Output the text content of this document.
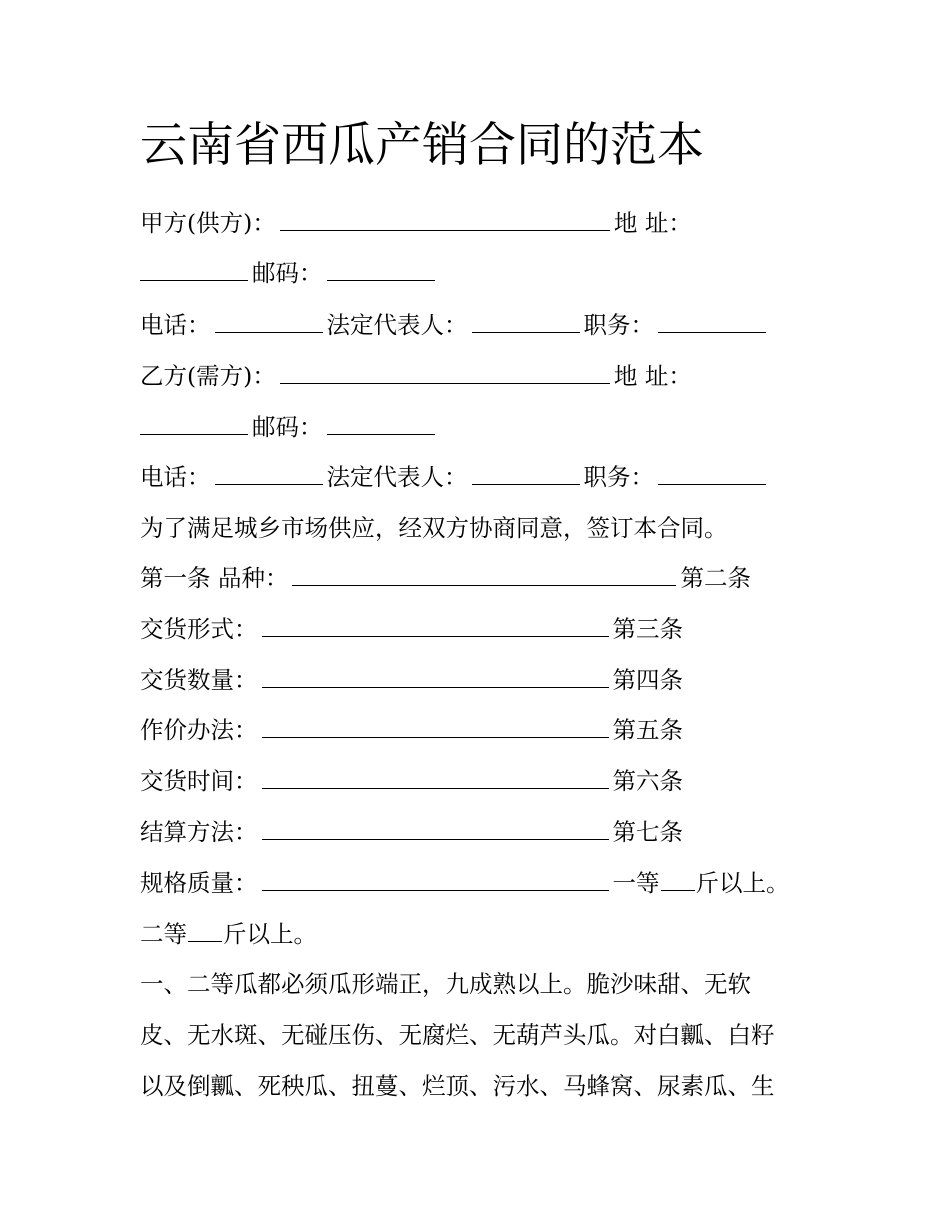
云南省西瓜产销合同的范本
甲方(供方)：	地 址：
邮码：
电话：	法定代表人：	职务：
乙方(需方)：	地 址：
邮码：
电话：	法定代表人：	职务：
为了满足城乡市场供应，经双方协商同意，签订本合同。
第一条 品种：	第二条
交货形式：	第三条
交货数量：	第四条
作价办法：	第五条
交货时间：	第六条
结算方法：	第七条
规格质量：	一等 斤以上。
二等 斤以上。
一、二等瓜都必须瓜形端正，九成熟以上。脆沙味甜、无软
皮、无水斑、无碰压伤、无腐烂、无葫芦头瓜。对白瓤、白籽
以及倒瓤、死秧瓜、扭蔓、烂顶、污水、马蜂窝、尿素瓜、生
